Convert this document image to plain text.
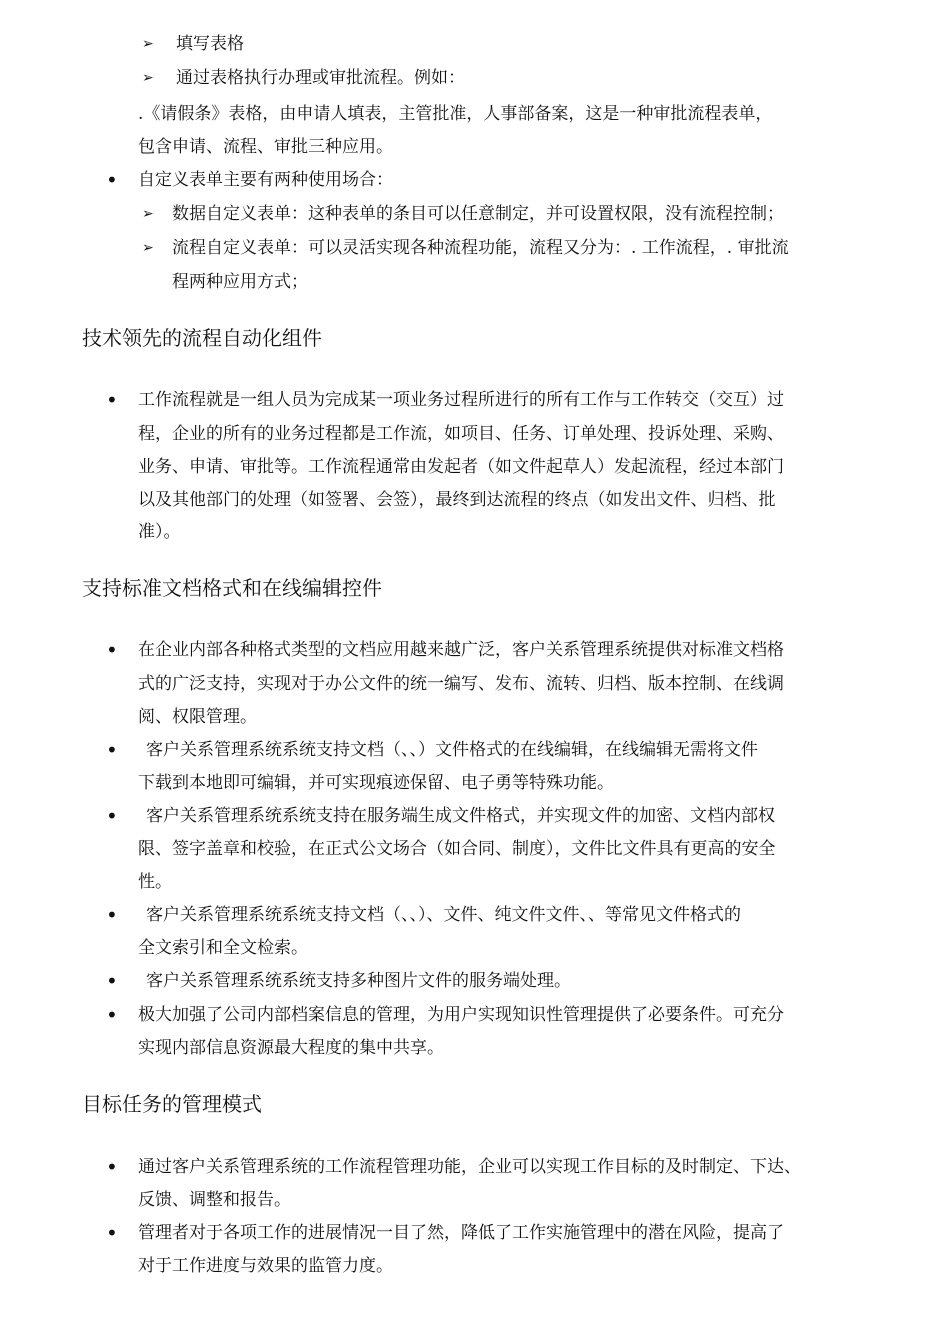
➢ 填写表格
➢ 通过表格执行办理或审批流程。例如：
.《请假条》表格，由申请人填表，主管批准，人事部备案，这是一种审批流程表单，
包含申请、流程、审批三种应用。
• 自定义表单主要有两种使用场合：
➢ 数据自定义表单：这种表单的条目可以任意制定，并可设置权限，没有流程控制；
➢ 流程自定义表单：可以灵活实现各种流程功能，流程又分为：. 工作流程，. 审批流
程两种应用方式；
技术领先的流程自动化组件
• 工作流程就是一组人员为完成某一项业务过程所进行的所有工作与工作转交（交互）过
程，企业的所有的业务过程都是工作流，如项目、任务、订单处理、投诉处理、采购、
业务、申请、审批等。工作流程通常由发起者（如文件起草人）发起流程，经过本部门
以及其他部门的处理（如签署、会签），最终到达流程的终点（如发出文件、归档、批
准）。
支持标准文档格式和在线编辑控件
• 在企业内部各种格式类型的文档应用越来越广泛，客户关系管理系统提供对标准文档格
式的广泛支持，实现对于办公文件的统一编写、发布、流转、归档、版本控制、在线调
阅、权限管理。
• 客户关系管理系统系统支持文档（、、）文件格式的在线编辑，在线编辑无需将文件
下载到本地即可编辑，并可实现痕迹保留、电子勇等特殊功能。
• 客户关系管理系统系统支持在服务端生成文件格式，并实现文件的加密、文档内部权
限、签字盖章和校验，在正式公文场合（如合同、制度），文件比文件具有更高的安全
性。
• 客户关系管理系统系统支持文档（、、）、文件、纯文件文件、、等常见文件格式的
全文索引和全文检索。
• 客户关系管理系统系统支持多种图片文件的服务端处理。
• 极大加强了公司内部档案信息的管理，为用户实现知识性管理提供了必要条件。可充分
实现内部信息资源最大程度的集中共享。
目标任务的管理模式
• 通过客户关系管理系统的工作流程管理功能，企业可以实现工作目标的及时制定、下达、
反馈、调整和报告。
• 管理者对于各项工作的进展情况一目了然，降低了工作实施管理中的潜在风险，提高了
对于工作进度与效果的监管力度。
